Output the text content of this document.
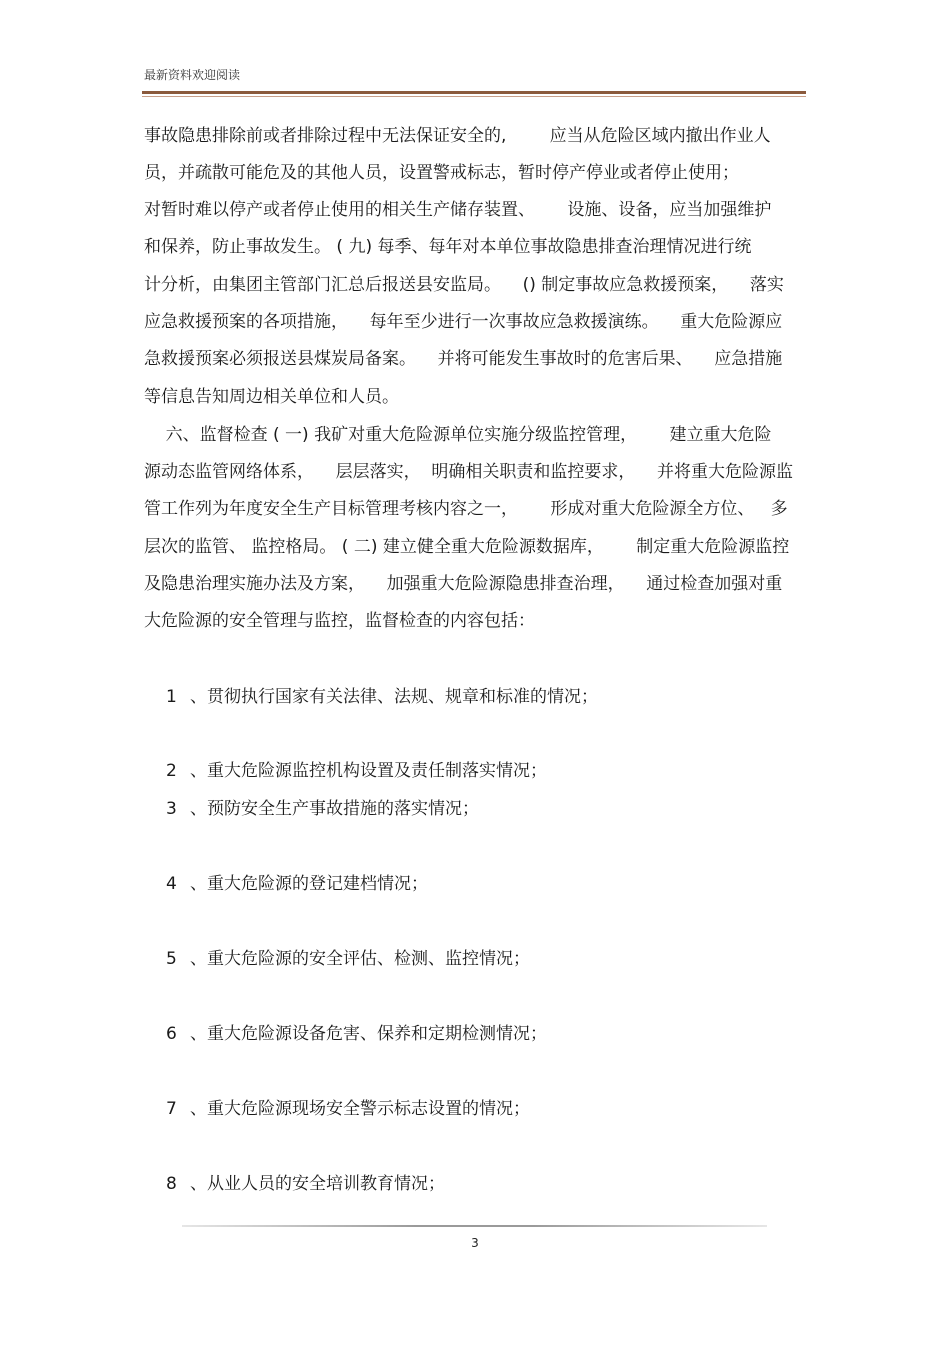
最新资料欢迎阅读
事故隐患排除前或者排除过程中无法保证安全的,        应当从危险区域内撤出作业人
员，并疏散可能危及的其他人员，设置警戒标志，暂时停产停业或者停止使用；
对暂时难以停产或者停止使用的相关生产储存装置、      设施、设备，应当加强维护
和保养，防止事故发生。 ( 九) 每季、每年对本单位事故隐患排查治理情况进行统
计分析，由集团主管部门汇总后报送县安监局。    () 制定事故应急救援预案，    落实
应急救援预案的各项措施，    每年至少进行一次事故应急救援演练。    重大危险源应
急救援预案必须报送县煤炭局备案。    并将可能发生事故时的危害后果、    应急措施
等信息告知周边相关单位和人员。
六、监督检查 ( 一) 我矿对重大危险源单位实施分级监控管理，      建立重大危险
源动态监管网络体系，    层层落实，  明确相关职责和监控要求，    并将重大危险源监
管工作列为年度安全生产目标管理考核内容之一，      形成对重大危险源全方位、   多
层次的监管、 监控格局。 ( 二) 建立健全重大危险源数据库，      制定重大危险源监控
及隐患治理实施办法及方案，    加强重大危险源隐患排查治理，    通过检查加强对重
大危险源的安全管理与监控，监督检查的内容包括：
1 、贯彻执行国家有关法律、法规、规章和标准的情况；
2 、重大危险源监控机构设置及责任制落实情况；
3 、预防安全生产事故措施的落实情况；
4 、重大危险源的登记建档情况；
5 、重大危险源的安全评估、检测、监控情况；
6 、重大危险源设备危害、保养和定期检测情况；
7 、重大危险源现场安全警示标志设置的情况；
8 、从业人员的安全培训教育情况；
3
